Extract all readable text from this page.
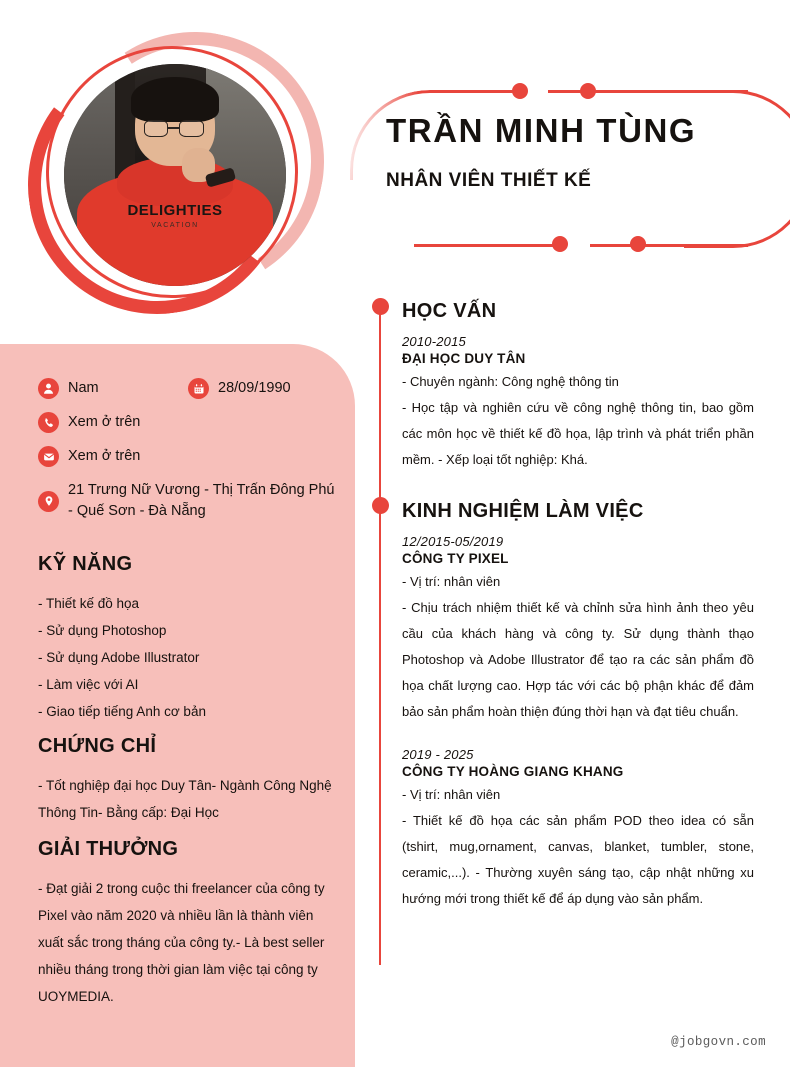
DELIGHTIES
VACATION
TRẦN MINH TÙNG
NHÂN VIÊN THIẾT KẾ
Nam	28/09/1990
Xem ở trên
Xem ở trên
21 Trưng Nữ Vương - Thị Trấn Đông Phú - Quế Sơn - Đà Nẵng
KỸ NĂNG
- Thiết kế đồ họa
- Sử dụng Photoshop
- Sử dụng Adobe Illustrator
- Làm việc với AI
- Giao tiếp tiếng Anh cơ bản
CHỨNG CHỈ
- Tốt nghiệp đại học Duy Tân- Ngành Công Nghệ Thông Tin- Bằng cấp: Đại Học
GIẢI THƯỞNG
- Đạt giải 2 trong cuộc thi freelancer của công ty Pixel vào năm 2020 và nhiều lần là thành viên xuất sắc trong tháng của công ty.- Là best seller nhiều tháng trong thời gian làm việc tại công ty UOYMEDIA.
HỌC VẤN
2010-2015
ĐẠI HỌC DUY TÂN
- Chuyên ngành: Công nghệ thông tin
- Học tập và nghiên cứu về công nghệ thông tin, bao gồm các môn học về thiết kế đồ họa, lập trình và phát triển phần mềm. - Xếp loại tốt nghiệp: Khá.
KINH NGHIỆM LÀM VIỆC
12/2015-05/2019
CÔNG TY PIXEL
- Vị trí: nhân viên
- Chịu trách nhiệm thiết kế và chỉnh sửa hình ảnh theo yêu cầu của khách hàng và công ty. Sử dụng thành thạo Photoshop và Adobe Illustrator để tạo ra các sản phẩm đồ họa chất lượng cao. Hợp tác với các bộ phận khác để đảm bảo sản phẩm hoàn thiện đúng thời hạn và đạt tiêu chuẩn.
2019 - 2025
CÔNG TY HOÀNG GIANG KHANG
- Vị trí: nhân viên
- Thiết kế đồ họa các sản phẩm POD theo idea có sẵn (tshirt, mug,ornament, canvas, blanket, tumbler, stone, ceramic,...). - Thường xuyên sáng tạo, cập nhật những xu hướng mới trong thiết kế để áp dụng vào sản phẩm.
@jobgovn.com
